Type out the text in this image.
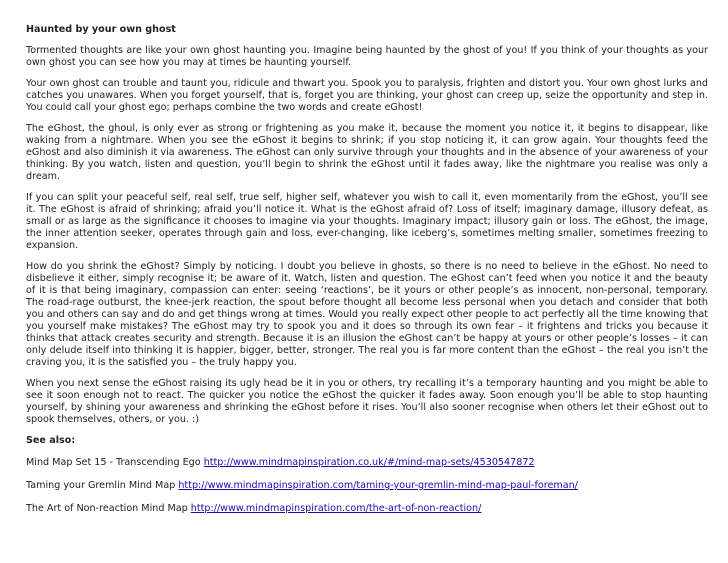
Haunted by your own ghost

Tormented thoughts are like your own ghost haunting you. Imagine being haunted by the ghost of you! If you think of your thoughts as your own ghost you can see how you may at times be haunting yourself.

Your own ghost can trouble and taunt you, ridicule and thwart you. Spook you to paralysis, frighten and distort you. Your own ghost lurks and catches you unawares. When you forget yourself, that is, forget you are thinking, your ghost can creep up, seize the opportunity and step in. You could call your ghost ego; perhaps combine the two words and create eGhost!

The eGhost, the ghoul, is only ever as strong or frightening as you make it, because the moment you notice it, it begins to disappear, like waking from a nightmare. When you see the eGhost it begins to shrink; if you stop noticing it, it can grow again. Your thoughts feed the eGhost and also diminish it via awareness. The eGhost can only survive through your thoughts and in the absence of your awareness of your thinking. By you watch, listen and question, you’ll begin to shrink the eGhost until it fades away, like the nightmare you realise was only a dream.

If you can split your peaceful self, real self, true self, higher self, whatever you wish to call it, even momentarily from the eGhost, you’ll see it. The eGhost is afraid of shrinking; afraid you’ll notice it. What is the eGhost afraid of? Loss of itself; imaginary damage, illusory defeat, as small or as large as the significance it chooses to imagine via your thoughts. Imaginary impact; illusory gain or loss. The eGhost, the image, the inner attention seeker, operates through gain and loss, ever-changing, like iceberg’s, sometimes melting smaller, sometimes freezing to expansion.

How do you shrink the eGhost? Simply by noticing. I doubt you believe in ghosts, so there is no need to believe in the eGhost. No need to disbelieve it either, simply recognise it; be aware of it. Watch, listen and question. The eGhost can’t feed when you notice it and the beauty of it is that being imaginary, compassion can enter: seeing ‘reactions’, be it yours or other people’s as innocent, non-personal, temporary. The road-rage outburst, the knee-jerk reaction, the spout before thought all become less personal when you detach and consider that both you and others can say and do and get things wrong at times. Would you really expect other people to act perfectly all the time knowing that you yourself make mistakes? The eGhost may try to spook you and it does so through its own fear – it frightens and tricks you because it thinks that attack creates security and strength. Because it is an illusion the eGhost can’t be happy at yours or other people’s losses – it can only delude itself into thinking it is happier, bigger, better, stronger. The real you is far more content than the eGhost – the real you isn’t the craving you, it is the satisfied you – the truly happy you.

When you next sense the eGhost raising its ugly head be it in you or others, try recalling it’s a temporary haunting and you might be able to see it soon enough not to react. The quicker you notice the eGhost the quicker it fades away. Soon enough you’ll be able to stop haunting yourself, by shining your awareness and shrinking the eGhost before it rises. You’ll also sooner recognise when others let their eGhost out to spook themselves, others, or you. :)

See also:

Mind Map Set 15 - Transcending Ego http://www.mindmapinspiration.co.uk/#/mind-map-sets/4530547872
Taming your Gremlin Mind Map http://www.mindmapinspiration.com/taming-your-gremlin-mind-map-paul-foreman/
The Art of Non-reaction Mind Map http://www.mindmapinspiration.com/the-art-of-non-reaction/
